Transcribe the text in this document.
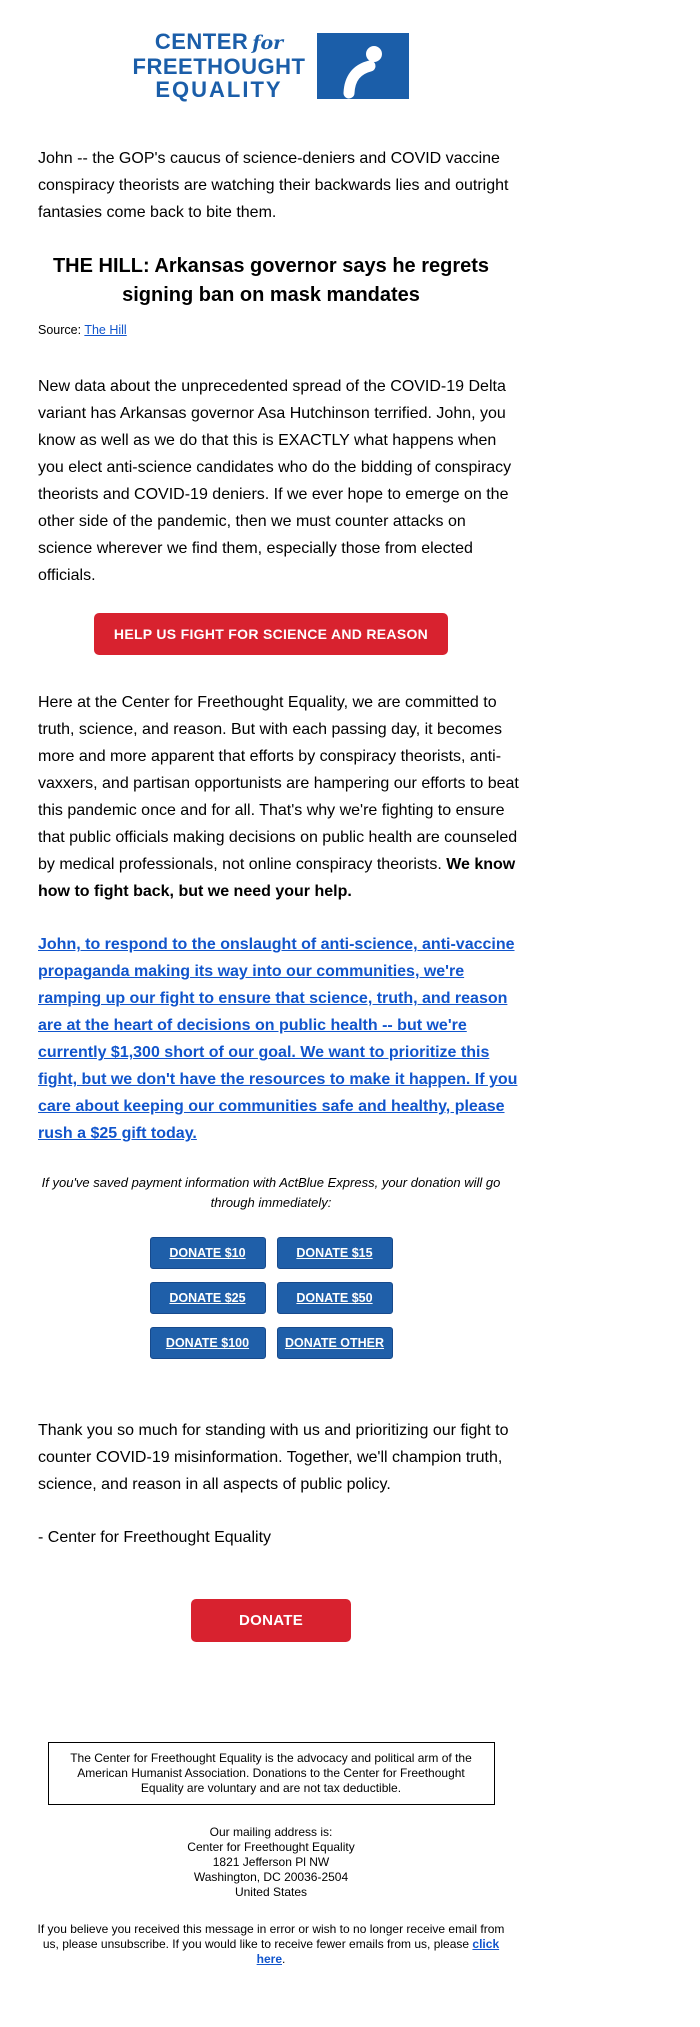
CENTER for
FREETHOUGHT
EQUALITY

John -- the GOP's caucus of science-deniers and COVID vaccine conspiracy theorists are watching their backwards lies and outright fantasies come back to bite them.

THE HILL: Arkansas governor says he regrets signing ban on mask mandates
Source: The Hill

New data about the unprecedented spread of the COVID-19 Delta variant has Arkansas governor Asa Hutchinson terrified. John, you know as well as we do that this is EXACTLY what happens when you elect anti-science candidates who do the bidding of conspiracy theorists and COVID-19 deniers. If we ever hope to emerge on the other side of the pandemic, then we must counter attacks on science wherever we find them, especially those from elected officials.

HELP US FIGHT FOR SCIENCE AND REASON

Here at the Center for Freethought Equality, we are committed to truth, science, and reason. But with each passing day, it becomes more and more apparent that efforts by conspiracy theorists, anti-vaxxers, and partisan opportunists are hampering our efforts to beat this pandemic once and for all. That's why we're fighting to ensure that public officials making decisions on public health are counseled by medical professionals, not online conspiracy theorists. We know how to fight back, but we need your help.

John, to respond to the onslaught of anti-science, anti-vaccine propaganda making its way into our communities, we're ramping up our fight to ensure that science, truth, and reason are at the heart of decisions on public health -- but we're currently $1,300 short of our goal. We want to prioritize this fight, but we don't have the resources to make it happen. If you care about keeping our communities safe and healthy, please rush a $25 gift today.
If you've saved payment information with ActBlue Express, your donation will go through immediately:
DONATE $10	DONATE $15
DONATE $25	DONATE $50
DONATE $100	DONATE OTHER

Thank you so much for standing with us and prioritizing our fight to counter COVID-19 misinformation. Together, we'll champion truth, science, and reason in all aspects of public policy.

- Center for Freethought Equality
DONATE
The Center for Freethought Equality is the advocacy and political arm of the American Humanist Association. Donations to the Center for Freethought Equality are voluntary and are not tax deductible.
Our mailing address is:
Center for Freethought Equality
1821 Jefferson Pl NW
Washington, DC 20036-2504
United States
If you believe you received this message in error or wish to no longer receive email from us, please unsubscribe. If you would like to receive fewer emails from us, please click here.
